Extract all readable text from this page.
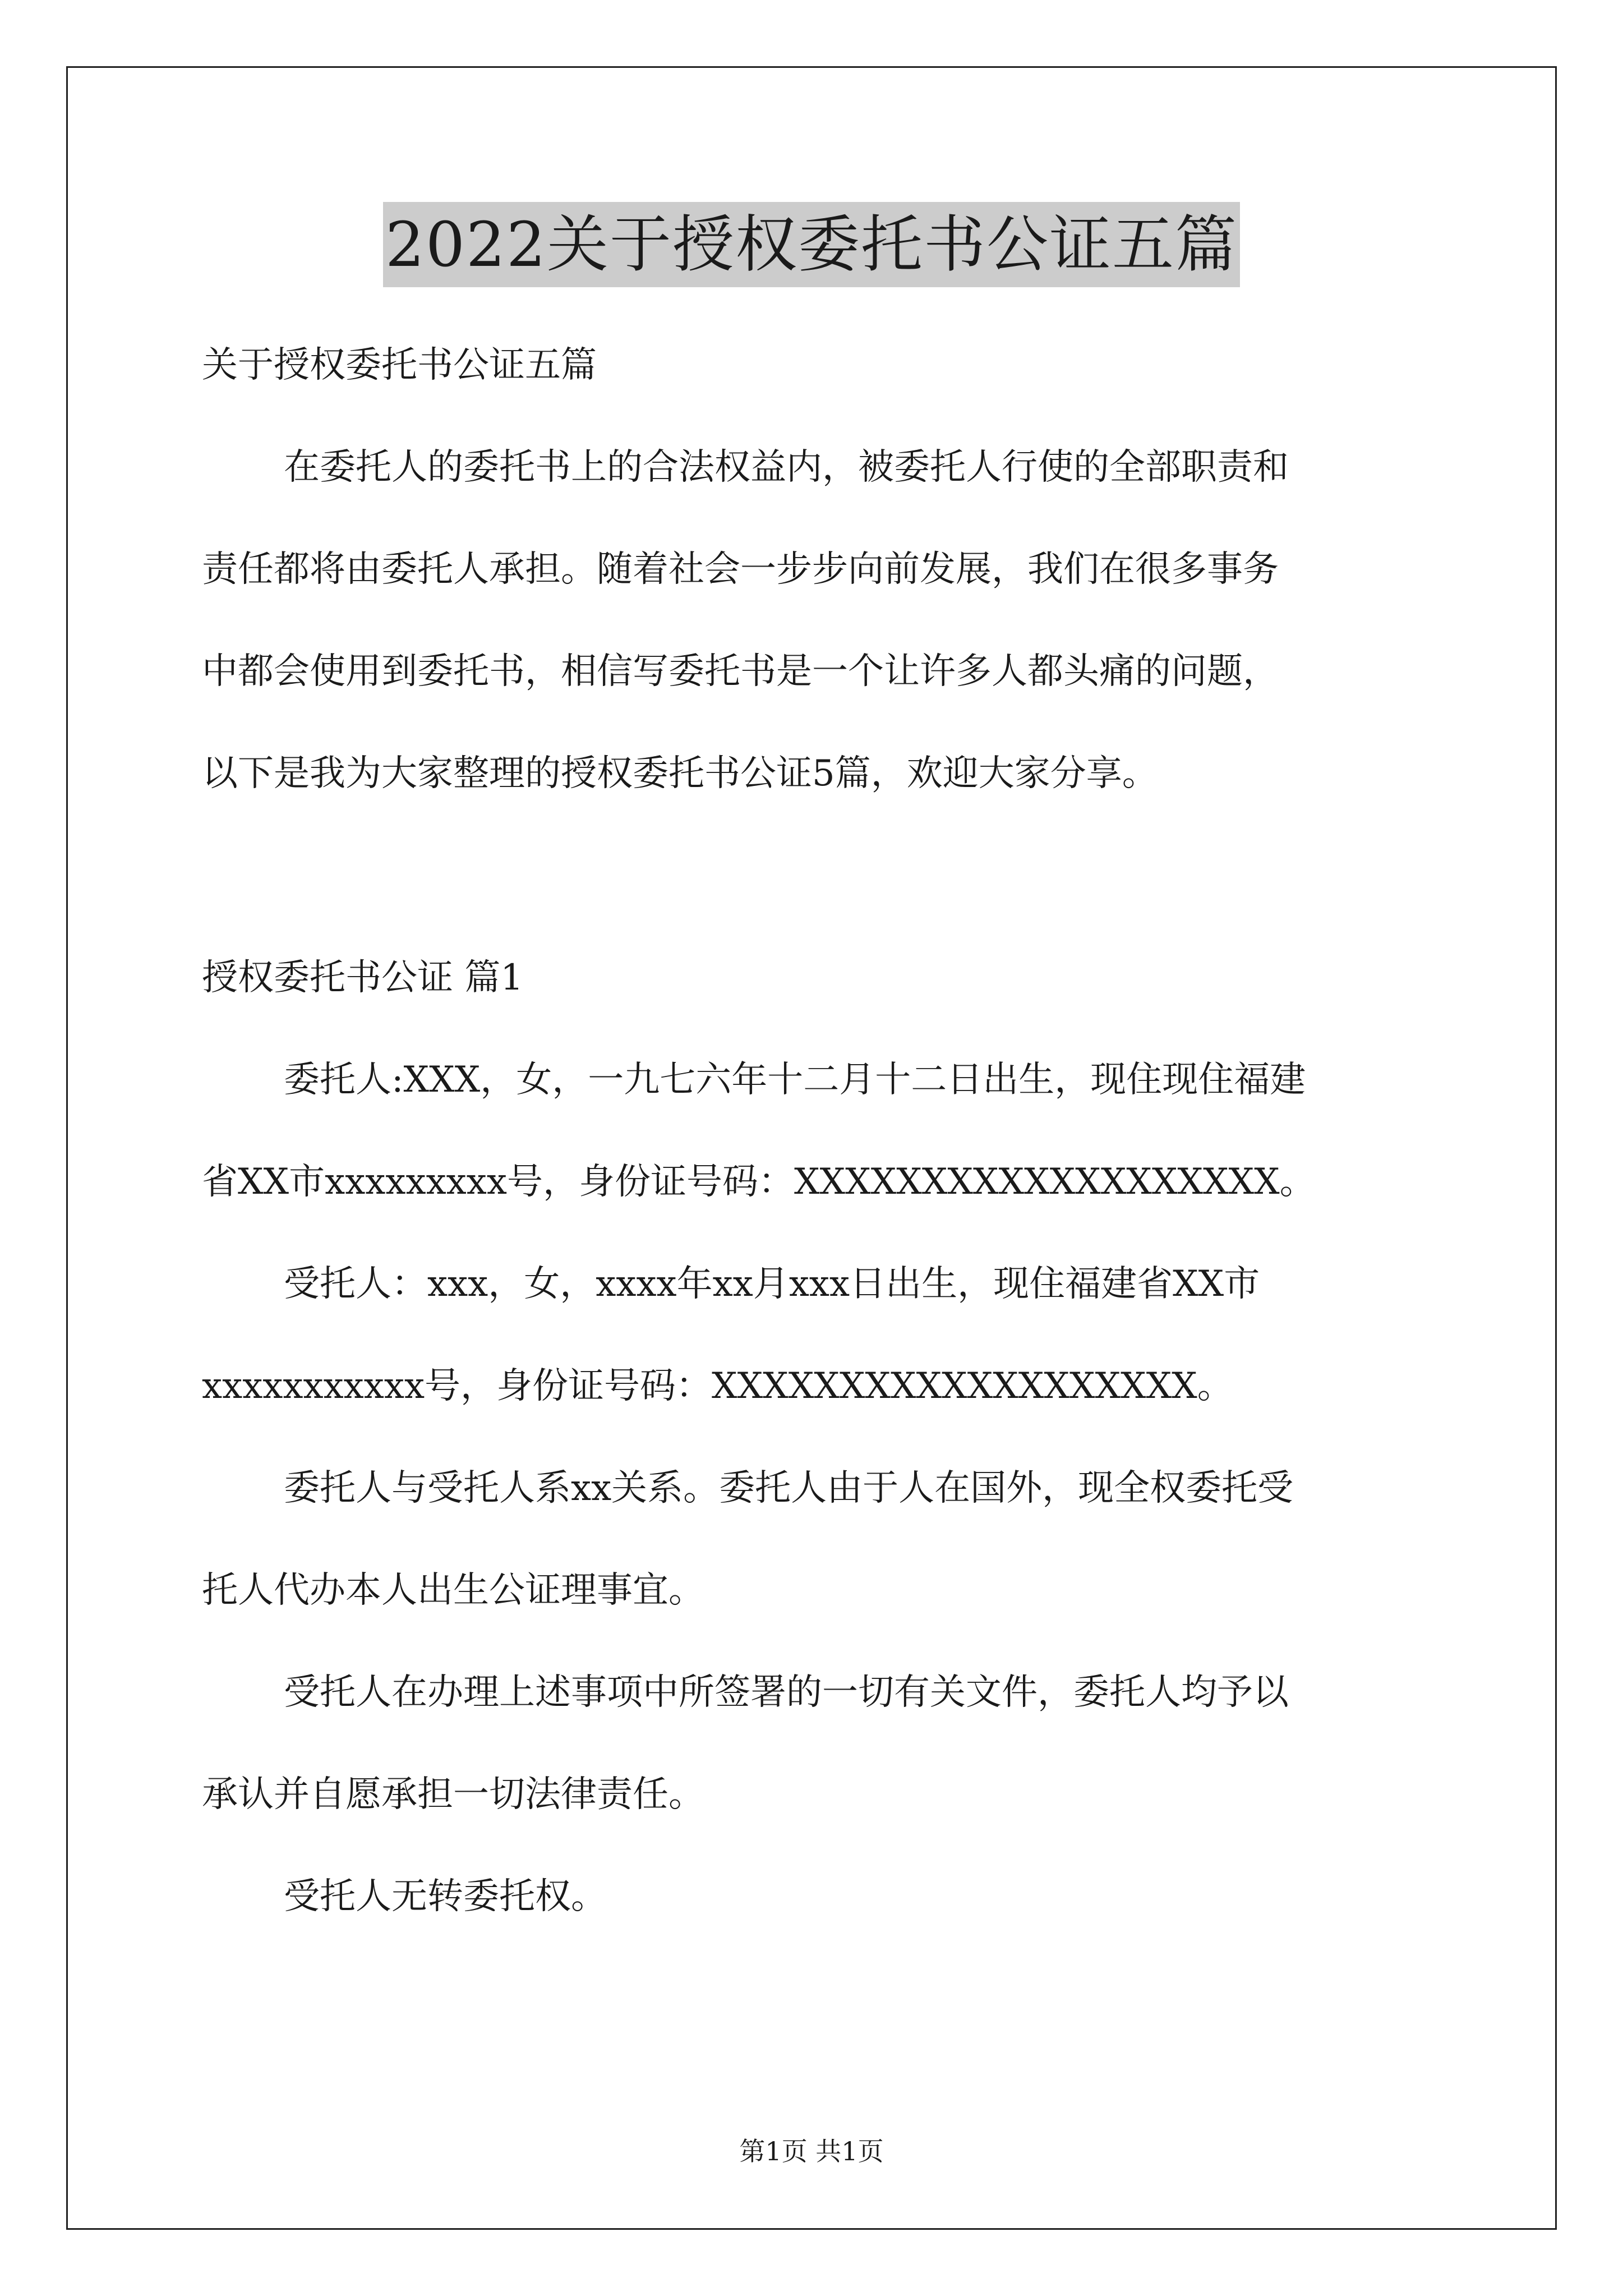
2022关于授权委托书公证五篇
关于授权委托书公证五篇
在委托人的委托书上的合法权益内，被委托人行使的全部职责和
责任都将由委托人承担。随着社会一步步向前发展，我们在很多事务
中都会使用到委托书，相信写委托书是一个让许多人都头痛的问题，
以下是我为大家整理的授权委托书公证5篇，欢迎大家分享。
授权委托书公证 篇1
委托人:XXX，女，一九七六年十二月十二日出生，现住现住福建
省XX市xxxxxxxxx号，身份证号码：XXXXXXXXXXXXXXXXXXX。
受托人：xxx，女，xxxx年xx月xxx日出生，现住福建省XX市
xxxxxxxxxxx号，身份证号码：XXXXXXXXXXXXXXXXXXX。
委托人与受托人系xx关系。委托人由于人在国外，现全权委托受
托人代办本人出生公证理事宜。
受托人在办理上述事项中所签署的一切有关文件，委托人均予以
承认并自愿承担一切法律责任。
受托人无转委托权。
第1页 共1页
